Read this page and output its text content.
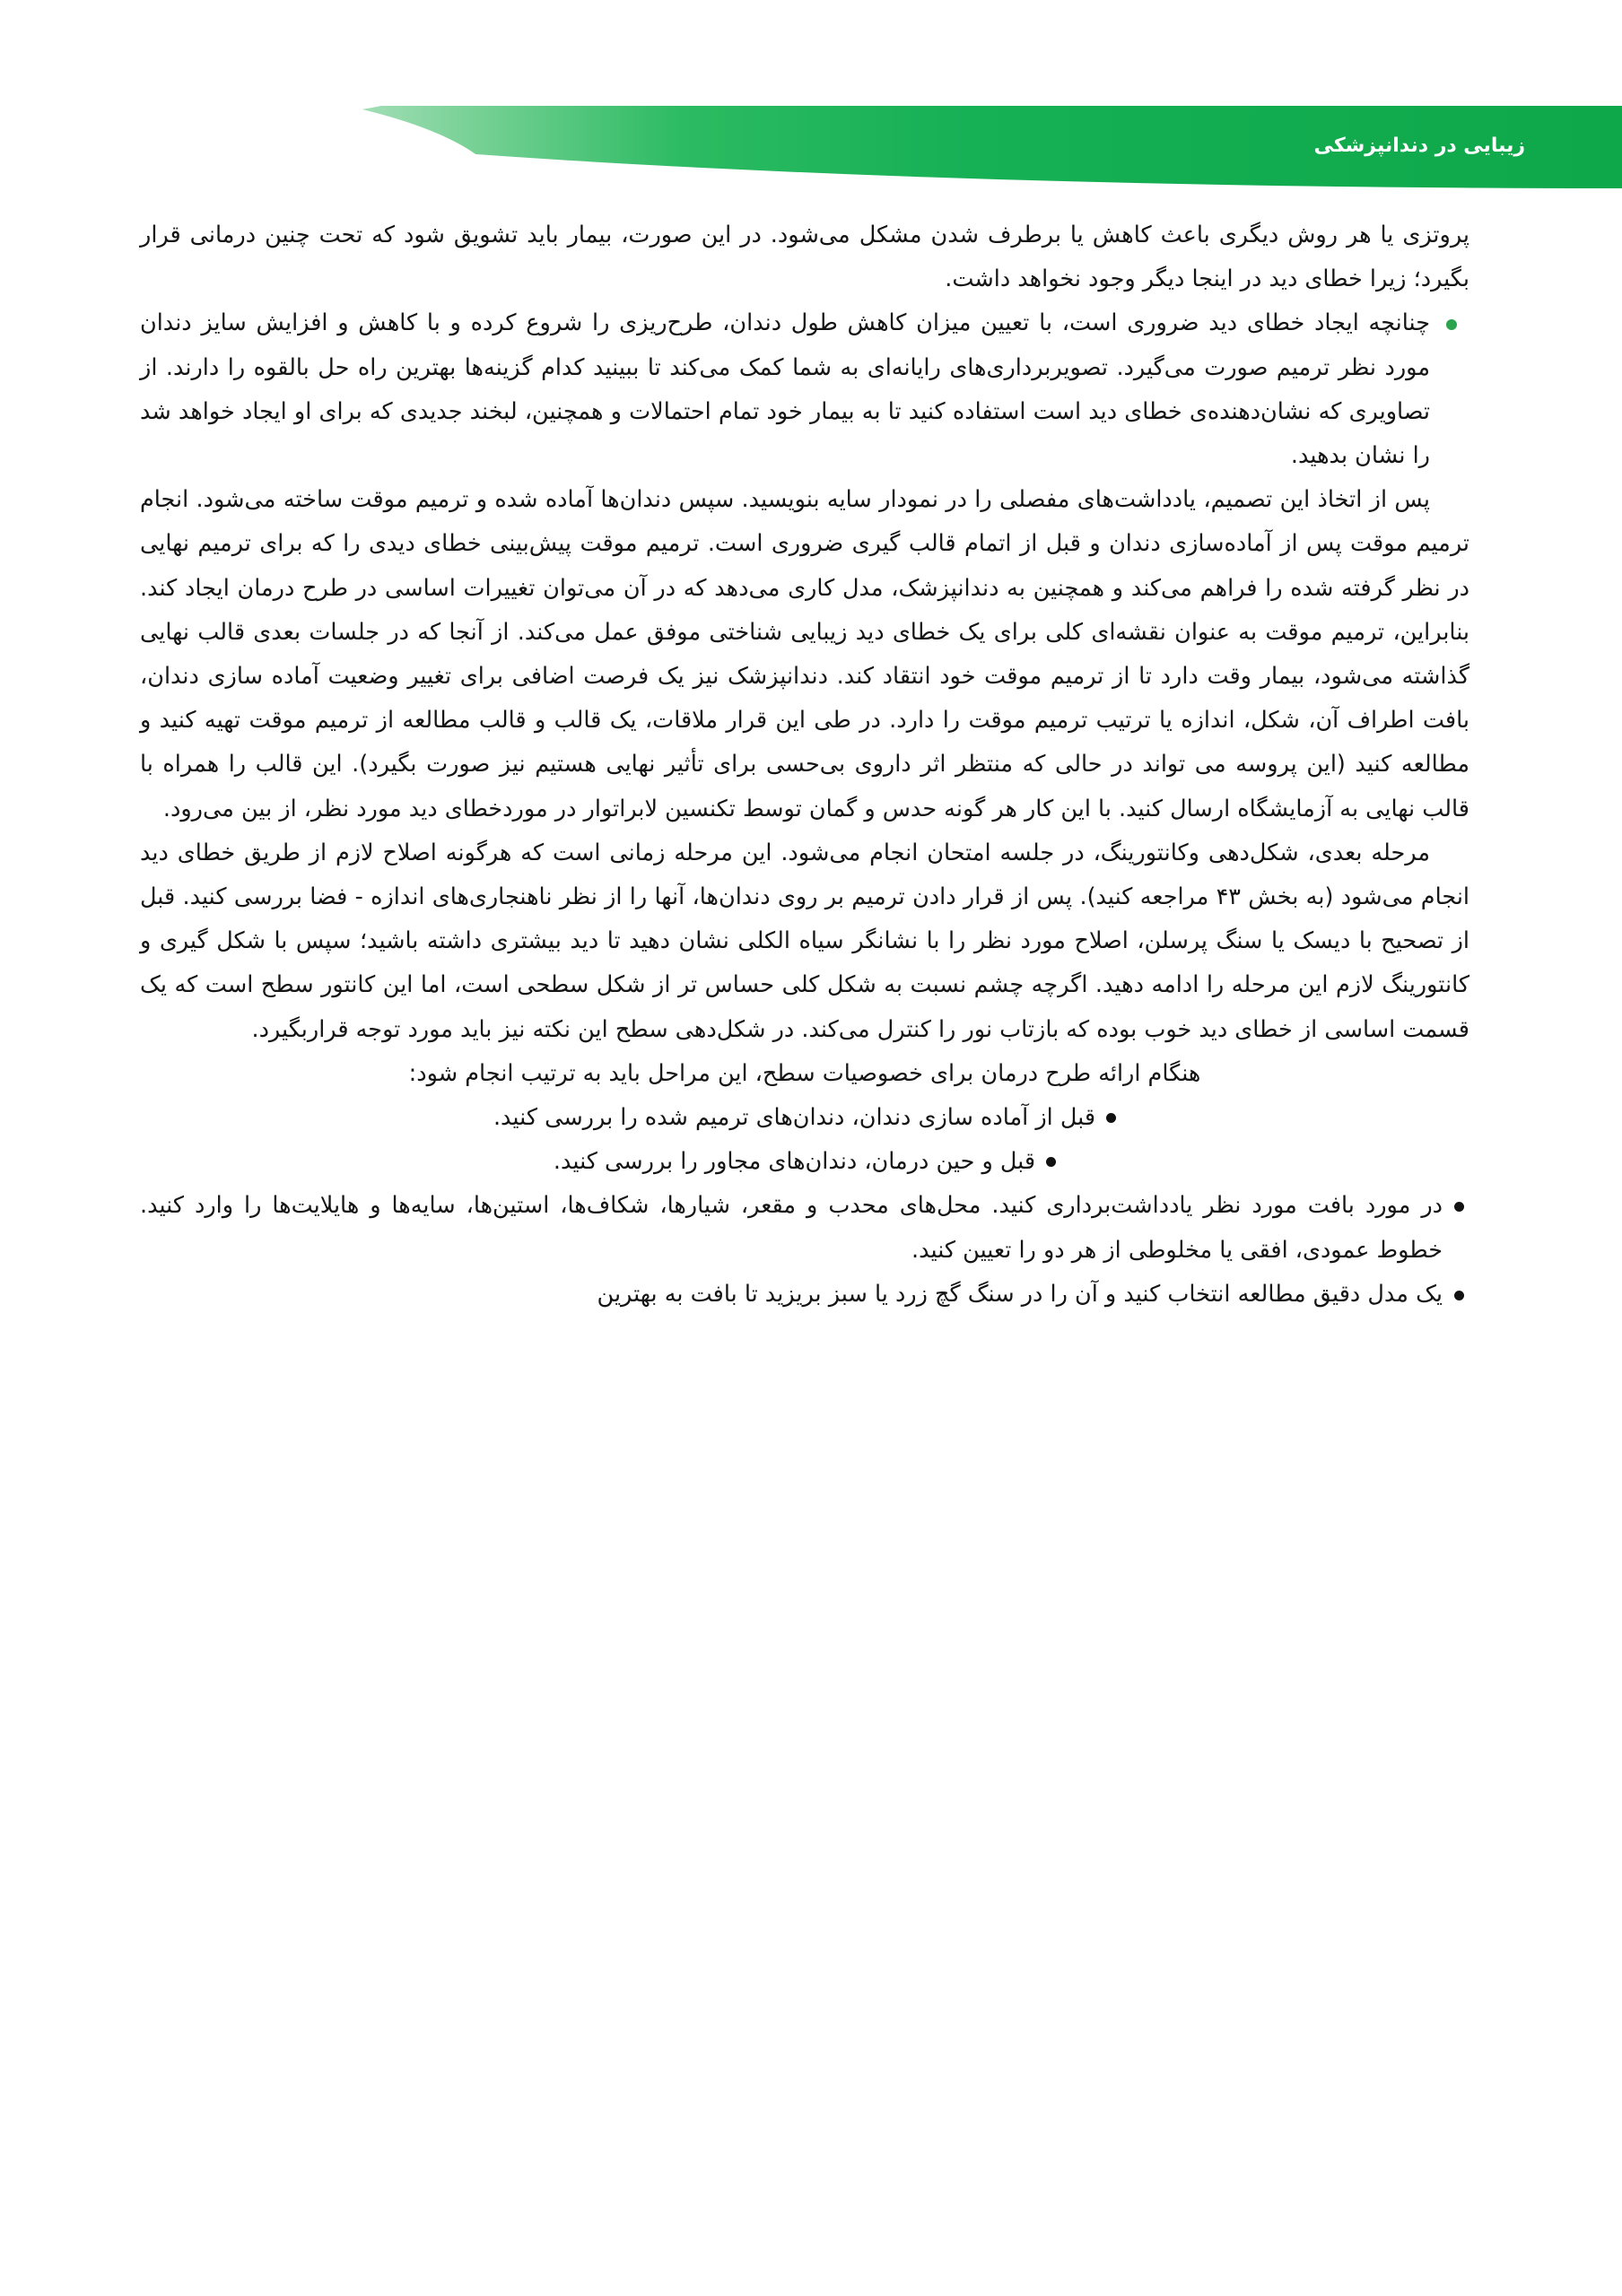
زیبایی در دندانپزشکی
۱۴

پروتزی یا هر روش دیگری باعث کاهش یا برطرف شدن مشکل می‌شود. در این صورت، بیمار باید تشویق شود که تحت چنین درمانی قرار بگیرد؛ زیرا خطای دید در اینجا دیگر وجود نخواهد داشت.

چنانچه ایجاد خطای دید ضروری است، با تعیین میزان کاهش طول دندان، طرح‌ریزی را شروع کرده و با کاهش و افزایش سایز دندان مورد نظر ترمیم صورت می‌گیرد. تصویربرداری‌های رایانه‌ای به شما کمک می‌کند تا ببینید کدام گزینه‌ها بهترین راه حل بالقوه را دارند. از تصاویری که نشان‌دهنده‌ی خطای دید است استفاده کنید تا به بیمار خود تمام احتمالات و همچنین، لبخند جدیدی که برای او ایجاد خواهد شد را نشان بدهید.

پس از اتخاذ این تصمیم، یادداشت‌های مفصلی را در نمودار سایه بنویسید. سپس دندان‌ها آماده شده و ترمیم موقت ساخته می‌شود. انجام ترمیم موقت پس از آماده‌سازی دندان و قبل از اتمام قالب گیری ضروری است. ترمیم موقت پیش‌بینی خطای دیدی را که برای ترمیم نهایی در نظر گرفته شده را فراهم می‌کند و همچنین به دندانپزشک، مدل کاری می‌دهد که در آن می‌توان تغییرات اساسی در طرح درمان ایجاد کند. بنابراین، ترمیم موقت به عنوان نقشه‌ای کلی برای یک خطای دید زیبایی شناختی موفق عمل می‌کند. از آنجا که در جلسات بعدی قالب نهایی گذاشته می‌شود، بیمار وقت دارد تا از ترمیم موقت خود انتقاد کند. دندانپزشک نیز یک فرصت اضافی برای تغییر وضعیت آماده سازی دندان، بافت اطراف آن، شکل، اندازه یا ترتیب ترمیم موقت را دارد. در طی این قرار ملاقات، یک قالب و قالب مطالعه از ترمیم موقت تهیه کنید و مطالعه کنید (این پروسه می تواند در حالی که منتظر اثر داروی بی‌حسی برای تأثیر نهایی هستیم نیز صورت بگیرد). این قالب را همراه با قالب نهایی به آزمایشگاه ارسال کنید. با این کار هر گونه حدس و گمان توسط تکنسین لابراتوار در موردخطای دید مورد نظر، از بین می‌رود.

مرحله بعدی، شکل‌دهی وکانتورینگ، در جلسه امتحان انجام می‌شود. این مرحله زمانی است که هرگونه اصلاح لازم از طریق خطای دید انجام می‌شود (به بخش ۴۳ مراجعه کنید). پس از قرار دادن ترمیم بر روی دندان‌ها، آنها را از نظر ناهنجاری‌های اندازه - فضا بررسی کنید. قبل از تصحیح با دیسک یا سنگ پرسلن، اصلاح مورد نظر را با نشانگر سیاه الکلی نشان دهید تا دید بیشتری داشته باشید؛ سپس با شکل گیری و کانتورینگ لازم این مرحله را ادامه دهید. اگرچه چشم نسبت به شکل کلی حساس تر از شکل سطحی است، اما این کانتور سطح است که یک قسمت اساسی از خطای دید خوب بوده که بازتاب نور را کنترل می‌کند. در شکل‌دهی سطح این نکته نیز باید مورد توجه قراربگیرد.

هنگام ارائه طرح درمان برای خصوصیات سطح، این مراحل باید به ترتیب انجام شود:

قبل از آماده سازی دندان، دندان‌های ترمیم شده را بررسی کنید.

قبل و حین درمان، دندان‌های مجاور را بررسی کنید.

در مورد بافت مورد نظر یادداشت‌برداری کنید. محل‌های محدب و مقعر، شیارها، شکاف‌ها، استین‌ها، سایه‌ها و هایلایت‌ها را وارد کنید. خطوط عمودی، افقی یا مخلوطی از هر دو را تعیین کنید.

یک مدل دقیق مطالعه انتخاب کنید و آن را در سنگ گچ زرد یا سبز بریزید تا بافت به بهترین
